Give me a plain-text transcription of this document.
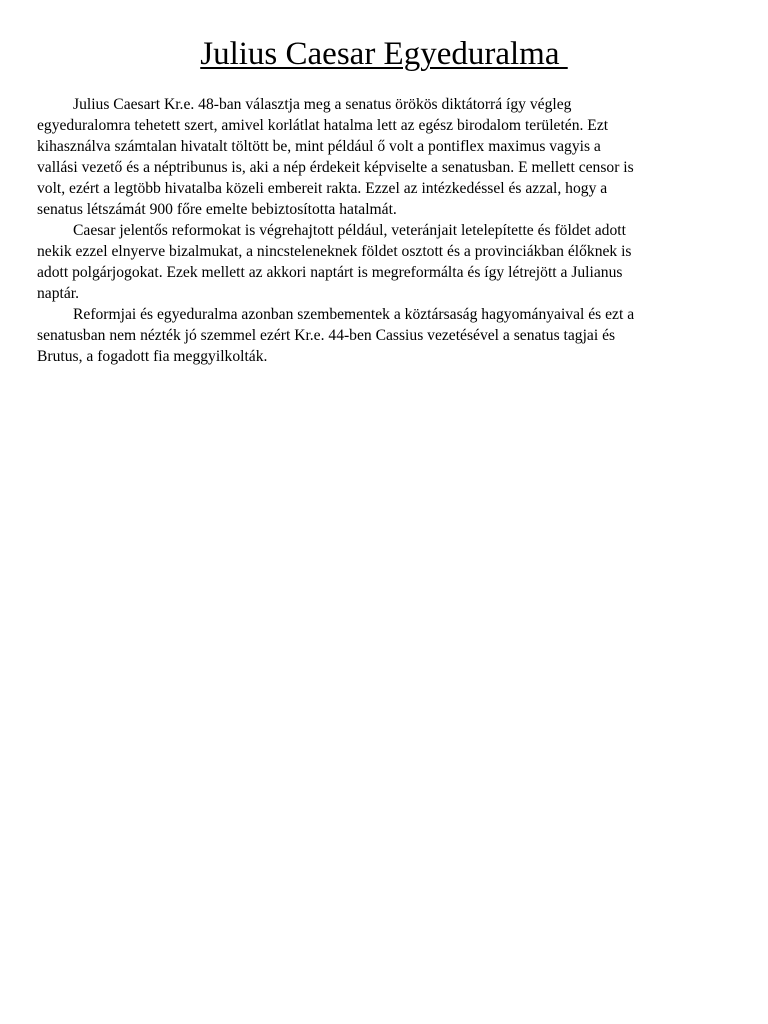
Julius Caesar Egyeduralma

Julius Caesart Kr.e. 48-ban választja meg a senatus örökös diktátorrá így végleg
egyeduralomra tehetett szert, amivel korlátlat hatalma lett az egész birodalom területén. Ezt
kihasználva számtalan hivatalt töltött be, mint például ő volt a pontiflex maximus vagyis a
vallási vezető és a néptribunus is, aki a nép érdekeit képviselte a senatusban. E mellett censor is
volt, ezért a legtöbb hivatalba közeli embereit rakta. Ezzel az intézkedéssel és azzal, hogy a
senatus létszámát 900 főre emelte bebiztosította hatalmát.

Caesar jelentős reformokat is végrehajtott például, veteránjait letelepítette és földet adott
nekik ezzel elnyerve bizalmukat, a nincsteleneknek földet osztott és a provinciákban élőknek is
adott polgárjogokat. Ezek mellett az akkori naptárt is megreformálta és így létrejött a Julianus
naptár.

Reformjai és egyeduralma azonban szembementek a köztársaság hagyományaival és ezt a
senatusban nem nézték jó szemmel ezért Kr.e. 44-ben Cassius vezetésével a senatus tagjai és
Brutus, a fogadott fia meggyilkolták.
